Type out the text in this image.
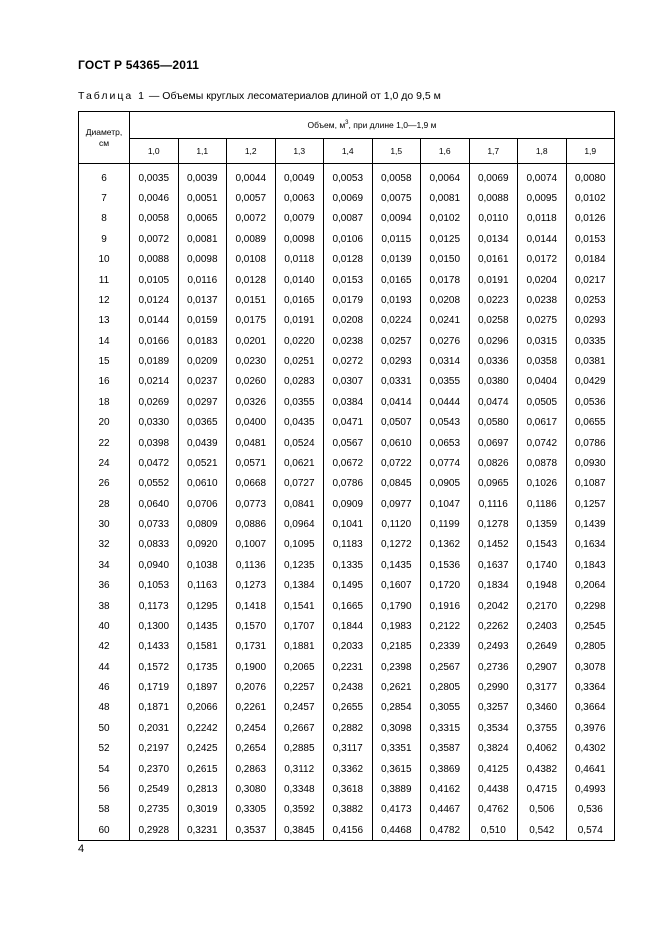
ГОСТ Р 54365—2011
Таблица 1 — Объемы круглых лесоматериалов длиной от 1,0 до 9,5 м
Диаметр,
см	Объем, $м^3$, при длине 1,0—1,9 м									
	1,0	1,1	1,2	1,3	1,4	1,5	1,6	1,7	1,8	1,9
6	0,0035	0,0039	0,0044	0,0049	0,0053	0,0058	0,0064	0,0069	0,0074	0,0080
7	0,0046	0,0051	0,0057	0,0063	0,0069	0,0075	0,0081	0,0088	0,0095	0,0102
8	0,0058	0,0065	0,0072	0,0079	0,0087	0,0094	0,0102	0,0110	0,0118	0,0126
9	0,0072	0,0081	0,0089	0,0098	0,0106	0,0115	0,0125	0,0134	0,0144	0,0153
10	0,0088	0,0098	0,0108	0,0118	0,0128	0,0139	0,0150	0,0161	0,0172	0,0184
11	0,0105	0,0116	0,0128	0,0140	0,0153	0,0165	0,0178	0,0191	0,0204	0,0217
12	0,0124	0,0137	0,0151	0,0165	0,0179	0,0193	0,0208	0,0223	0,0238	0,0253
13	0,0144	0,0159	0,0175	0,0191	0,0208	0,0224	0,0241	0,0258	0,0275	0,0293
14	0,0166	0,0183	0,0201	0,0220	0,0238	0,0257	0,0276	0,0296	0,0315	0,0335
15	0,0189	0,0209	0,0230	0,0251	0,0272	0,0293	0,0314	0,0336	0,0358	0,0381
16	0,0214	0,0237	0,0260	0,0283	0,0307	0,0331	0,0355	0,0380	0,0404	0,0429
18	0,0269	0,0297	0,0326	0,0355	0,0384	0,0414	0,0444	0,0474	0,0505	0,0536
20	0,0330	0,0365	0,0400	0,0435	0,0471	0,0507	0,0543	0,0580	0,0617	0,0655
22	0,0398	0,0439	0,0481	0,0524	0,0567	0,0610	0,0653	0,0697	0,0742	0,0786
24	0,0472	0,0521	0,0571	0,0621	0,0672	0,0722	0,0774	0,0826	0,0878	0,0930
26	0,0552	0,0610	0,0668	0,0727	0,0786	0,0845	0,0905	0,0965	0,1026	0,1087
28	0,0640	0,0706	0,0773	0,0841	0,0909	0,0977	0,1047	0,1116	0,1186	0,1257
30	0,0733	0,0809	0,0886	0,0964	0,1041	0,1120	0,1199	0,1278	0,1359	0,1439
32	0,0833	0,0920	0,1007	0,1095	0,1183	0,1272	0,1362	0,1452	0,1543	0,1634
34	0,0940	0,1038	0,1136	0,1235	0,1335	0,1435	0,1536	0,1637	0,1740	0,1843
36	0,1053	0,1163	0,1273	0,1384	0,1495	0,1607	0,1720	0,1834	0,1948	0,2064
38	0,1173	0,1295	0,1418	0,1541	0,1665	0,1790	0,1916	0,2042	0,2170	0,2298
40	0,1300	0,1435	0,1570	0,1707	0,1844	0,1983	0,2122	0,2262	0,2403	0,2545
42	0,1433	0,1581	0,1731	0,1881	0,2033	0,2185	0,2339	0,2493	0,2649	0,2805
44	0,1572	0,1735	0,1900	0,2065	0,2231	0,2398	0,2567	0,2736	0,2907	0,3078
46	0,1719	0,1897	0,2076	0,2257	0,2438	0,2621	0,2805	0,2990	0,3177	0,3364
48	0,1871	0,2066	0,2261	0,2457	0,2655	0,2854	0,3055	0,3257	0,3460	0,3664
50	0,2031	0,2242	0,2454	0,2667	0,2882	0,3098	0,3315	0,3534	0,3755	0,3976
52	0,2197	0,2425	0,2654	0,2885	0,3117	0,3351	0,3587	0,3824	0,4062	0,4302
54	0,2370	0,2615	0,2863	0,3112	0,3362	0,3615	0,3869	0,4125	0,4382	0,4641
56	0,2549	0,2813	0,3080	0,3348	0,3618	0,3889	0,4162	0,4438	0,4715	0,4993
58	0,2735	0,3019	0,3305	0,3592	0,3882	0,4173	0,4467	0,4762	0,506	0,536
60	0,2928	0,3231	0,3537	0,3845	0,4156	0,4468	0,4782	0,510	0,542	0,574
4
